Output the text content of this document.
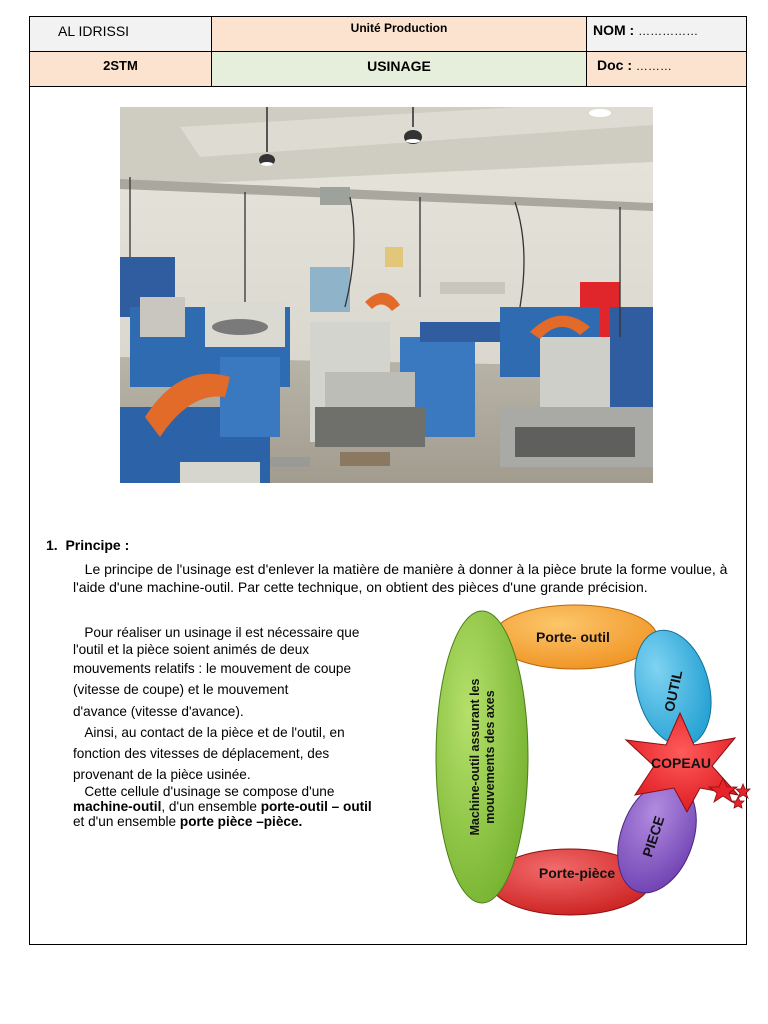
AL IDRISSI	Unité Production	NOM : ……………

2STM	USINAGE	Doc : ………
1. Principe :
Le principe de l'usinage est d'enlever la matière de manière à donner à la pièce brute la forme voulue, à l'aide d'une machine-outil. Par cette technique, on obtient des pièces d'une grande précision.
Pour réaliser un usinage il est nécessaire que
l'outil et la pièce soient animés de deux
mouvements relatifs : le mouvement de coupe
(vitesse de coupe) et le mouvement
d'avance (vitesse d'avance).
Ainsi, au contact de la pièce et de l'outil, en
fonction des vitesses de déplacement, des
provenant de la pièce usinée.
Cette cellule d'usinage se compose d'une
machine-outil, d'un ensemble porte-outil – outil
et d'un ensemble porte pièce –pièce.
Porte-pièce
Porte- outil
Machine-outil assurant les mouvements des axes	OUTIL
PIECE
COPEAU
